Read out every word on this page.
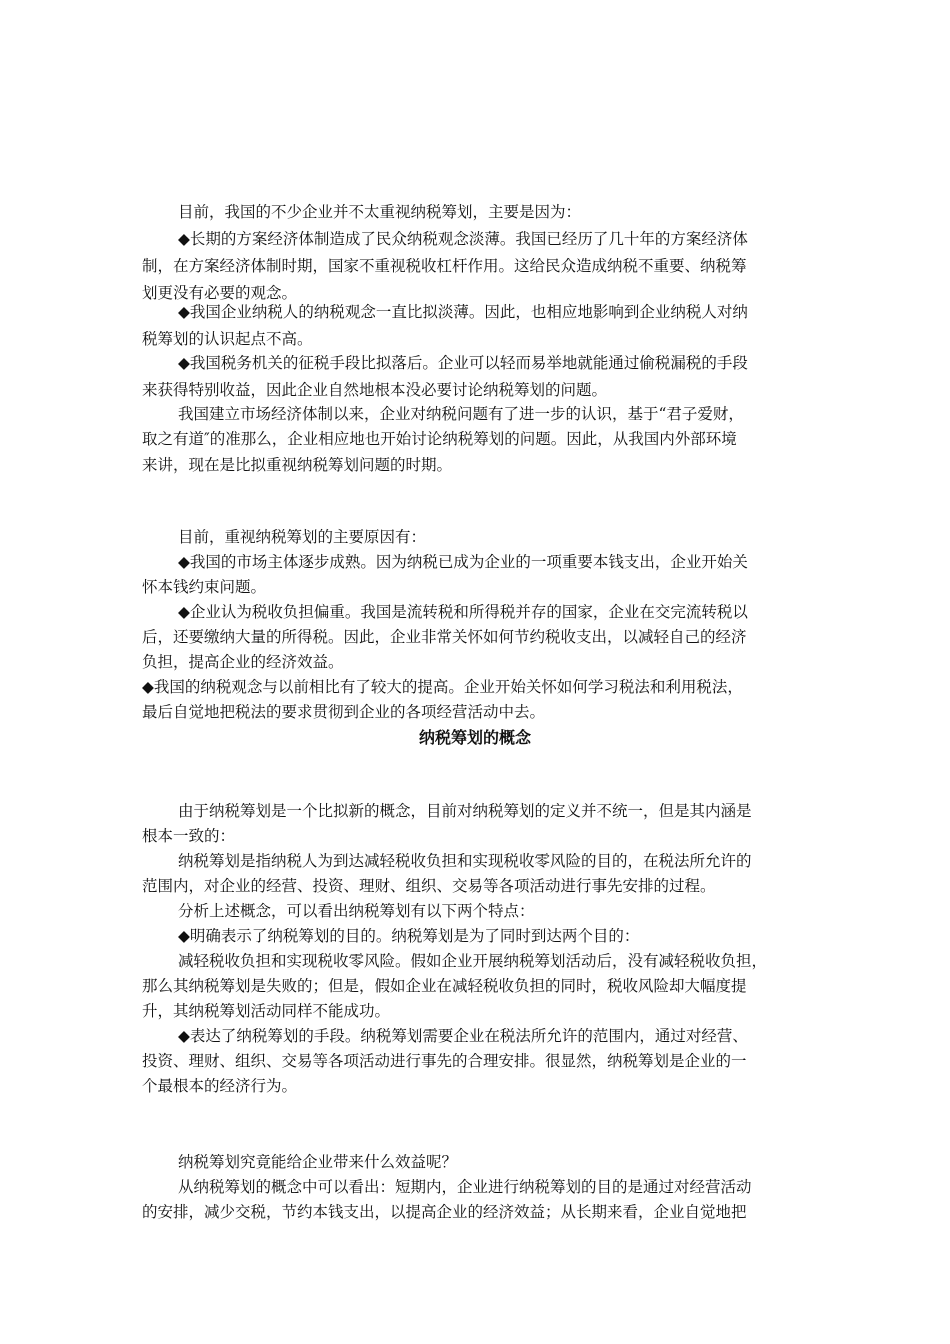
目前，我国的不少企业并不太重视纳税筹划，主要是因为：
◆长期的方案经济体制造成了民众纳税观念淡薄。我国已经历了几十年的方案经济体
制，在方案经济体制时期，国家不重视税收杠杆作用。这给民众造成纳税不重要、纳税筹
划更没有必要的观念。
◆我国企业纳税人的纳税观念一直比拟淡薄。因此，也相应地影响到企业纳税人对纳
税筹划的认识起点不高。
◆我国税务机关的征税手段比拟落后。企业可以轻而易举地就能通过偷税漏税的手段
来获得特别收益，因此企业自然地根本没必要讨论纳税筹划的问题。
我国建立市场经济体制以来，企业对纳税问题有了进一步的认识，基于“君子爱财，
取之有道″的准那么，企业相应地也开始讨论纳税筹划的问题。因此，从我国内外部环境
来讲，现在是比拟重视纳税筹划问题的时期。
目前，重视纳税筹划的主要原因有：
◆我国的市场主体逐步成熟。因为纳税已成为企业的一项重要本钱支出，企业开始关
怀本钱约束问题。
◆企业认为税收负担偏重。我国是流转税和所得税并存的国家，企业在交完流转税以
后，还要缴纳大量的所得税。因此，企业非常关怀如何节约税收支出，以减轻自己的经济
负担，提高企业的经济效益。
◆我国的纳税观念与以前相比有了较大的提高。企业开始关怀如何学习税法和利用税法，
最后自觉地把税法的要求贯彻到企业的各项经营活动中去。
纳税筹划的概念
由于纳税筹划是一个比拟新的概念，目前对纳税筹划的定义并不统一，但是其内涵是
根本一致的：
纳税筹划是指纳税人为到达减轻税收负担和实现税收零风险的目的，在税法所允许的
范围内，对企业的经营、投资、理财、组织、交易等各项活动进行事先安排的过程。
分析上述概念，可以看出纳税筹划有以下两个特点：
◆明确表示了纳税筹划的目的。纳税筹划是为了同时到达两个目的：
减轻税收负担和实现税收零风险。假如企业开展纳税筹划活动后，没有减轻税收负担，
那么其纳税筹划是失败的；但是，假如企业在减轻税收负担的同时，税收风险却大幅度提
升，其纳税筹划活动同样不能成功。
◆表达了纳税筹划的手段。纳税筹划需要企业在税法所允许的范围内，通过对经营、
投资、理财、组织、交易等各项活动进行事先的合理安排。很显然，纳税筹划是企业的一
个最根本的经济行为。
纳税筹划究竟能给企业带来什么效益呢？
从纳税筹划的概念中可以看出：短期内，企业进行纳税筹划的目的是通过对经营活动
的安排，减少交税，节约本钱支出，以提高企业的经济效益；从长期来看，企业自觉地把
